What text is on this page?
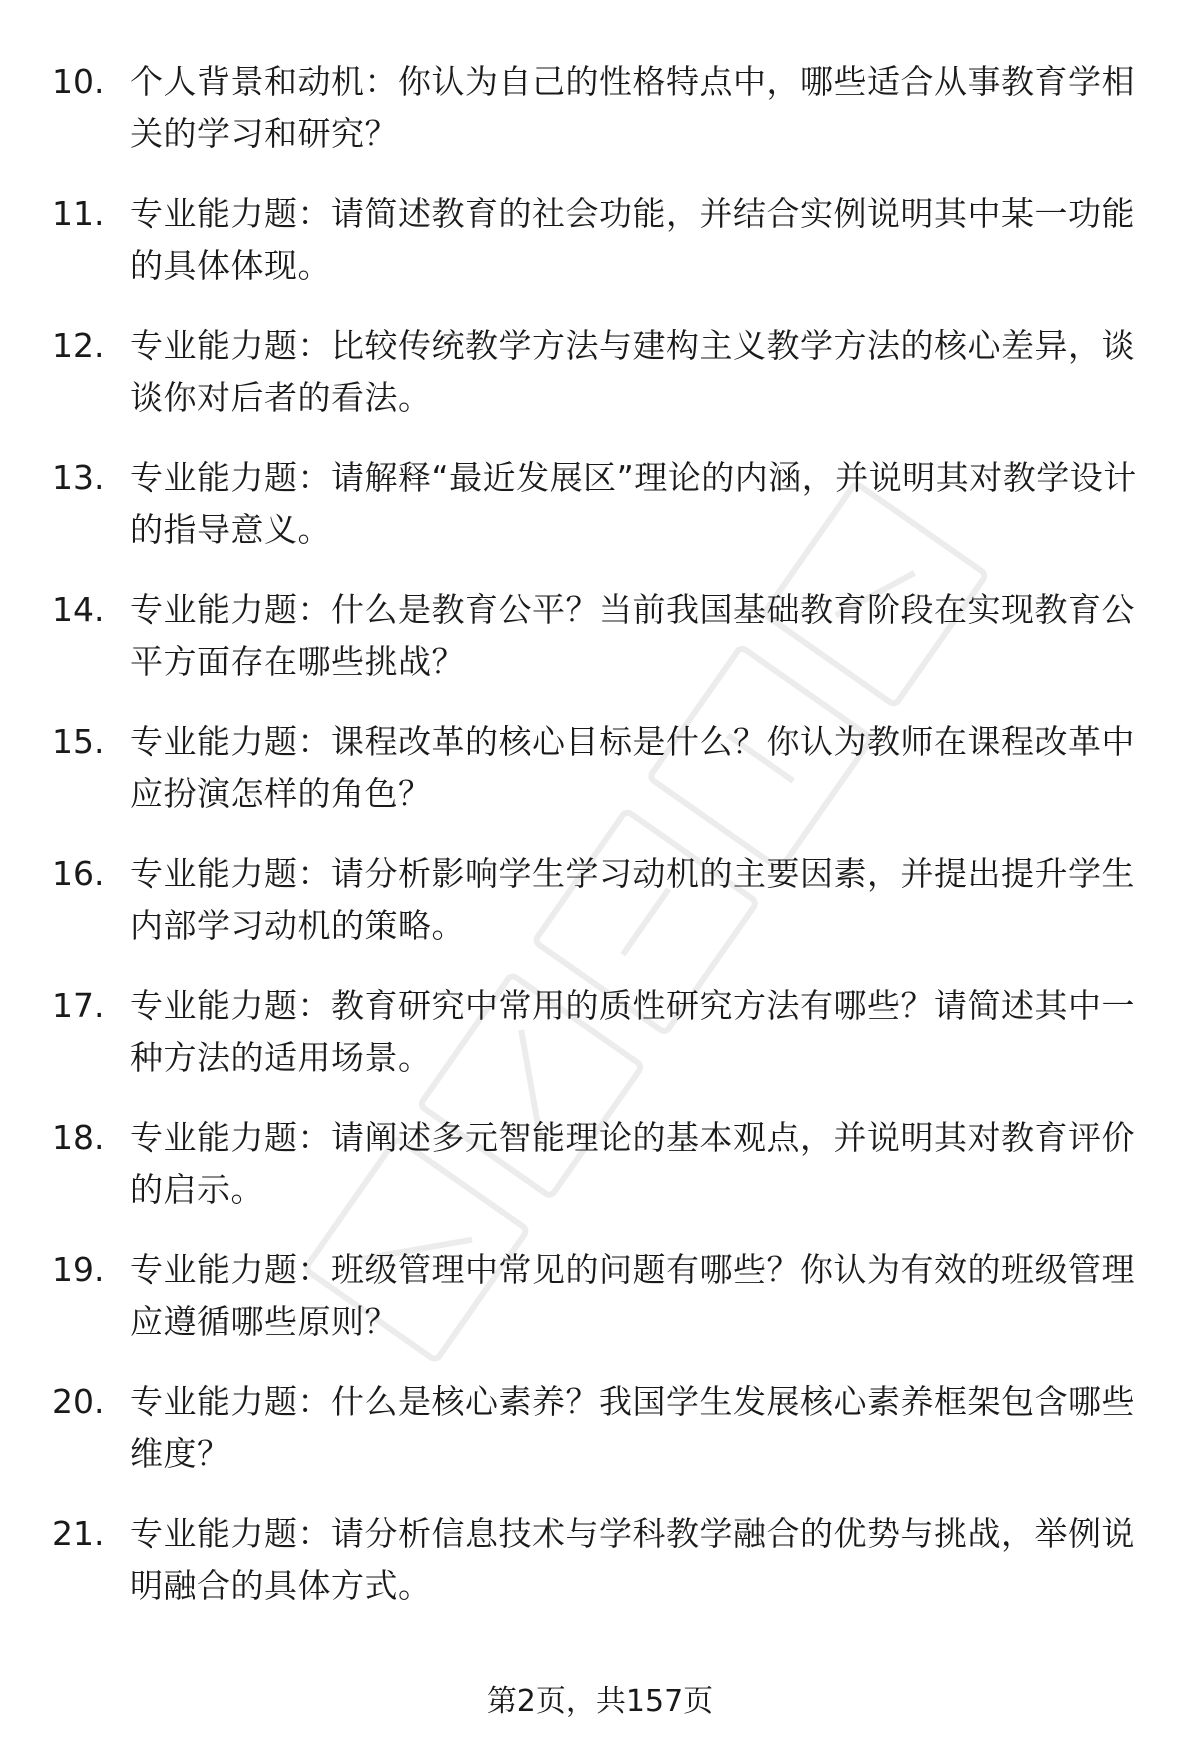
10. 个人背景和动机：你认为自己的性格特点中，哪些适合从事教育学相关的学习和研究？
11. 专业能力题：请简述教育的社会功能，并结合实例说明其中某一功能的具体体现。
12. 专业能力题：比较传统教学方法与建构主义教学方法的核心差异，谈谈你对后者的看法。
13. 专业能力题：请解释“最近发展区”理论的内涵，并说明其对教学设计的指导意义。
14. 专业能力题：什么是教育公平？当前我国基础教育阶段在实现教育公平方面存在哪些挑战？
15. 专业能力题：课程改革的核心目标是什么？你认为教师在课程改革中应扮演怎样的角色？
16. 专业能力题：请分析影响学生学习动机的主要因素，并提出提升学生内部学习动机的策略。
17. 专业能力题：教育研究中常用的质性研究方法有哪些？请简述其中一种方法的适用场景。
18. 专业能力题：请阐述多元智能理论的基本观点，并说明其对教育评价的启示。
19. 专业能力题：班级管理中常见的问题有哪些？你认为有效的班级管理应遵循哪些原则？
20. 专业能力题：什么是核心素养？我国学生发展核心素养框架包含哪些维度？
21. 专业能力题：请分析信息技术与学科教学融合的优势与挑战，举例说明融合的具体方式。
第2页，共157页
